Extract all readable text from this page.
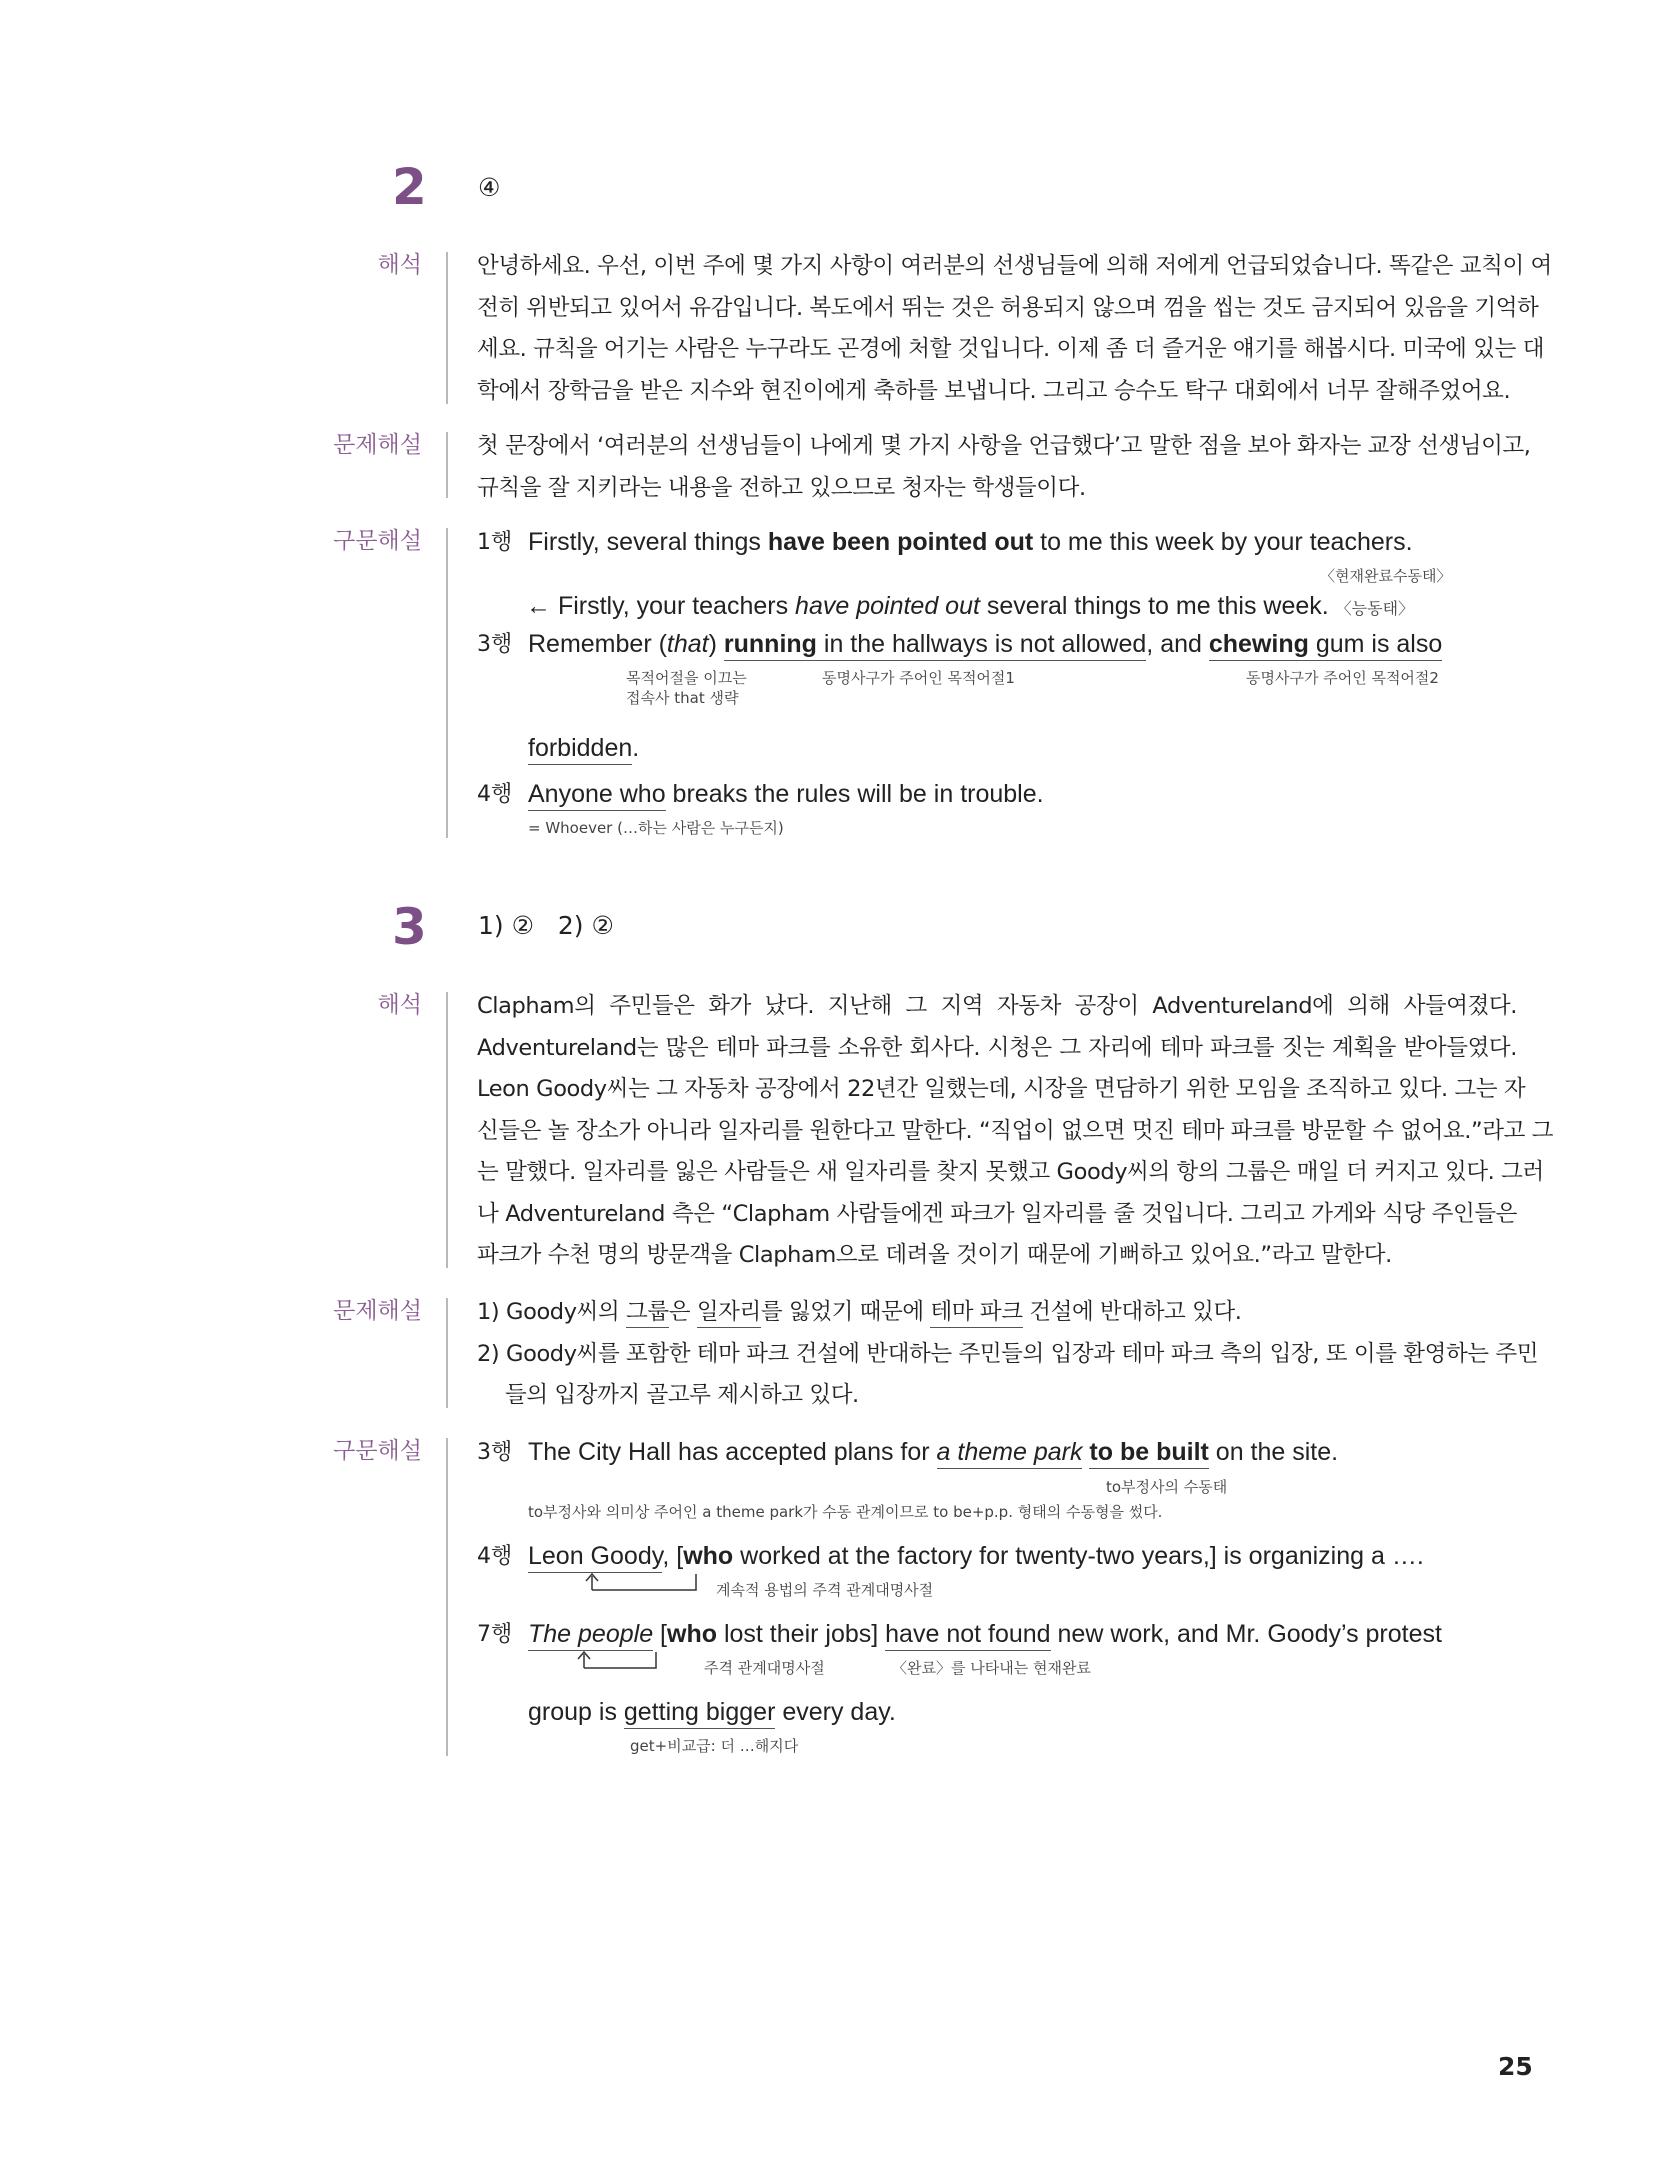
2 ④
해석 안녕하세요. 우선, 이번 주에 몇 가지 사항이 여러분의 선생님들에 의해 저에게 언급되었습니다. 똑같은 교칙이 여
전히 위반되고 있어서 유감입니다. 복도에서 뛰는 것은 허용되지 않으며 껌을 씹는 것도 금지되어 있음을 기억하
세요. 규칙을 어기는 사람은 누구라도 곤경에 처할 것입니다. 이제 좀 더 즐거운 얘기를 해봅시다. 미국에 있는 대
학에서 장학금을 받은 지수와 현진이에게 축하를 보냅니다. 그리고 승수도 탁구 대회에서 너무 잘해주었어요.
문제해설 첫 문장에서 ‘여러분의 선생님들이 나에게 몇 가지 사항을 언급했다’고 말한 점을 보아 화자는 교장 선생님이고,
규칙을 잘 지키라는 내용을 전하고 있으므로 청자는 학생들이다.
구문해설	1행 Firstly, several things have been pointed out to me this week by your teachers.
〈현재완료수동태〉
← Firstly, your teachers have pointed out several things to me this week. 〈능동태〉
3행 Remember (that) running in the hallways is not allowed, and chewing gum is also
목적어절을 이끄는
접속사 that 생략
동명사구가 주어인 목적어절1	동명사구가 주어인 목적어절2
forbidden.
4행 Anyone who breaks the rules will be in trouble.
= Whoever (…하는 사람은 누구든지)
3 1) ②   2) ②
해석 Clapham의 주민들은 화가 났다. 지난해 그 지역 자동차 공장이 Adventureland에 의해 사들여졌다.
Adventureland는 많은 테마 파크를 소유한 회사다. 시청은 그 자리에 테마 파크를 짓는 계획을 받아들였다.
Leon Goody씨는 그 자동차 공장에서 22년간 일했는데, 시장을 면담하기 위한 모임을 조직하고 있다. 그는 자
신들은 놀 장소가 아니라 일자리를 원한다고 말한다. “직업이 없으면 멋진 테마 파크를 방문할 수 없어요.”라고 그
는 말했다. 일자리를 잃은 사람들은 새 일자리를 찾지 못했고 Goody씨의 항의 그룹은 매일 더 커지고 있다. 그러
나 Adventureland 측은 “Clapham 사람들에겐 파크가 일자리를 줄 것입니다. 그리고 가게와 식당 주인들은
파크가 수천 명의 방문객을 Clapham으로 데려올 것이기 때문에 기뻐하고 있어요.”라고 말한다.
문제해설 1) Goody씨의 그룹은 일자리를 잃었기 때문에 테마 파크 건설에 반대하고 있다.
2) Goody씨를 포함한 테마 파크 건설에 반대하는 주민들의 입장과 테마 파크 측의 입장, 또 이를 환영하는 주민
들의 입장까지 골고루 제시하고 있다.
구문해설	3행 The City Hall has accepted plans for a theme park to be built on the site.
to부정사의 수동태
to부정사와 의미상 주어인 a theme park가 수동 관계이므로 to be+p.p. 형태의 수동형을 썼다.
4행 Leon Goody, [who worked at the factory for twenty-two years,] is organizing a ….
계속적 용법의 주격 관계대명사절
7행 The people [who lost their jobs] have not found new work, and Mr. Goody’s protest
주격 관계대명사절	〈완료〉를 나타내는 현재완료
group is getting bigger every day.
get+비교급: 더 …해지다
25
